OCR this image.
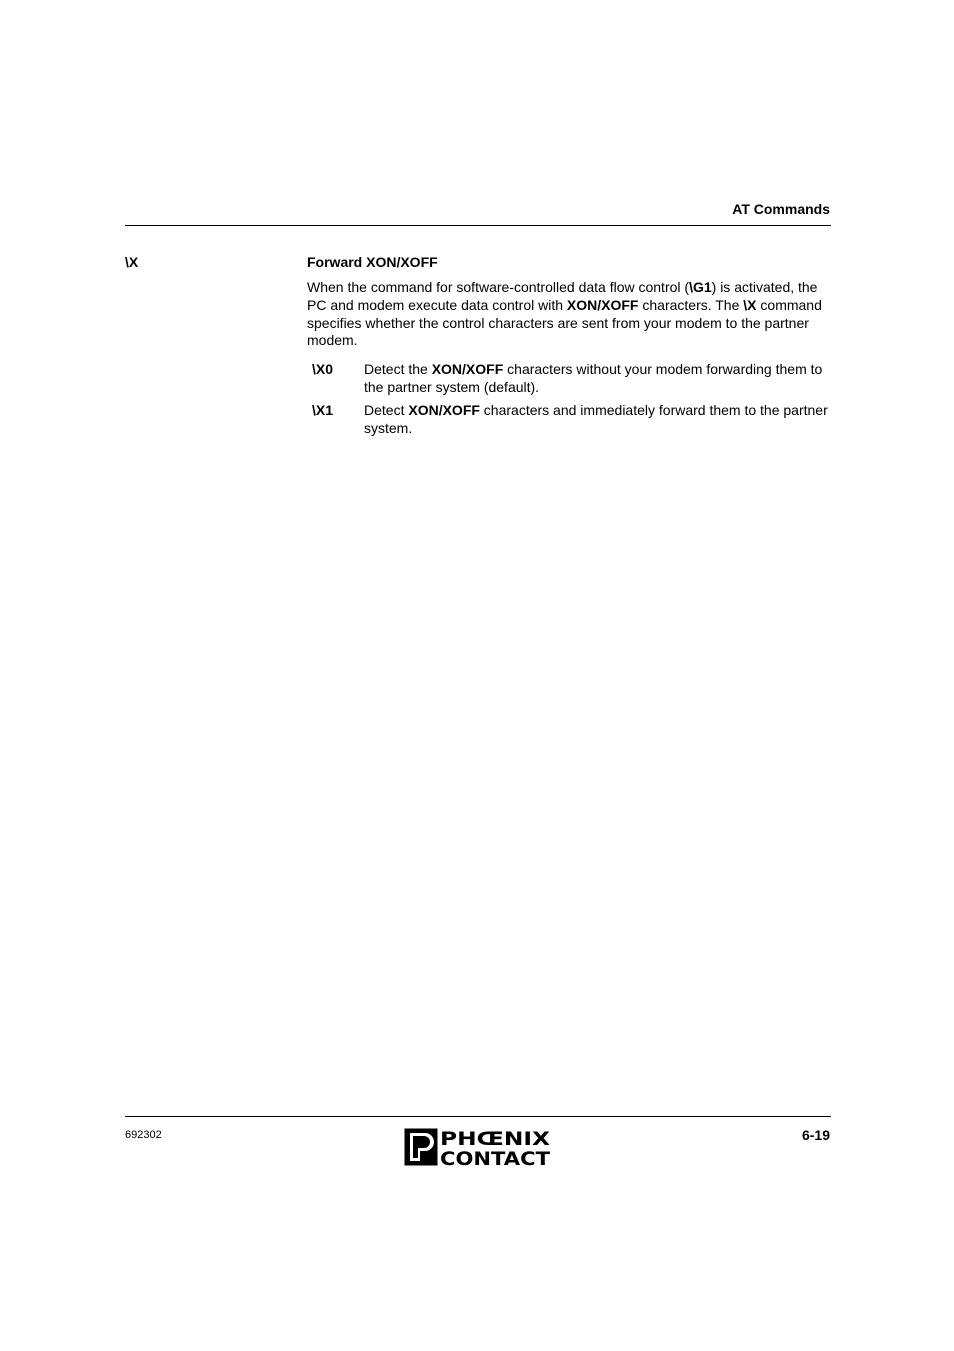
AT Commands
\X	Forward XON/XOFF
When the command for software-controlled data flow control (\G1) is activated, the PC and modem execute data control with XON/XOFF characters. The \X command specifies whether the control characters are sent from your modem to the partner modem.
\X0 Detect the XON/XOFF characters without your modem forwarding them to the partner system (default).
\X1 Detect XON/XOFF characters and immediately forward them to the partner system.
692302	PHŒNIX
CONTACT
6-19
